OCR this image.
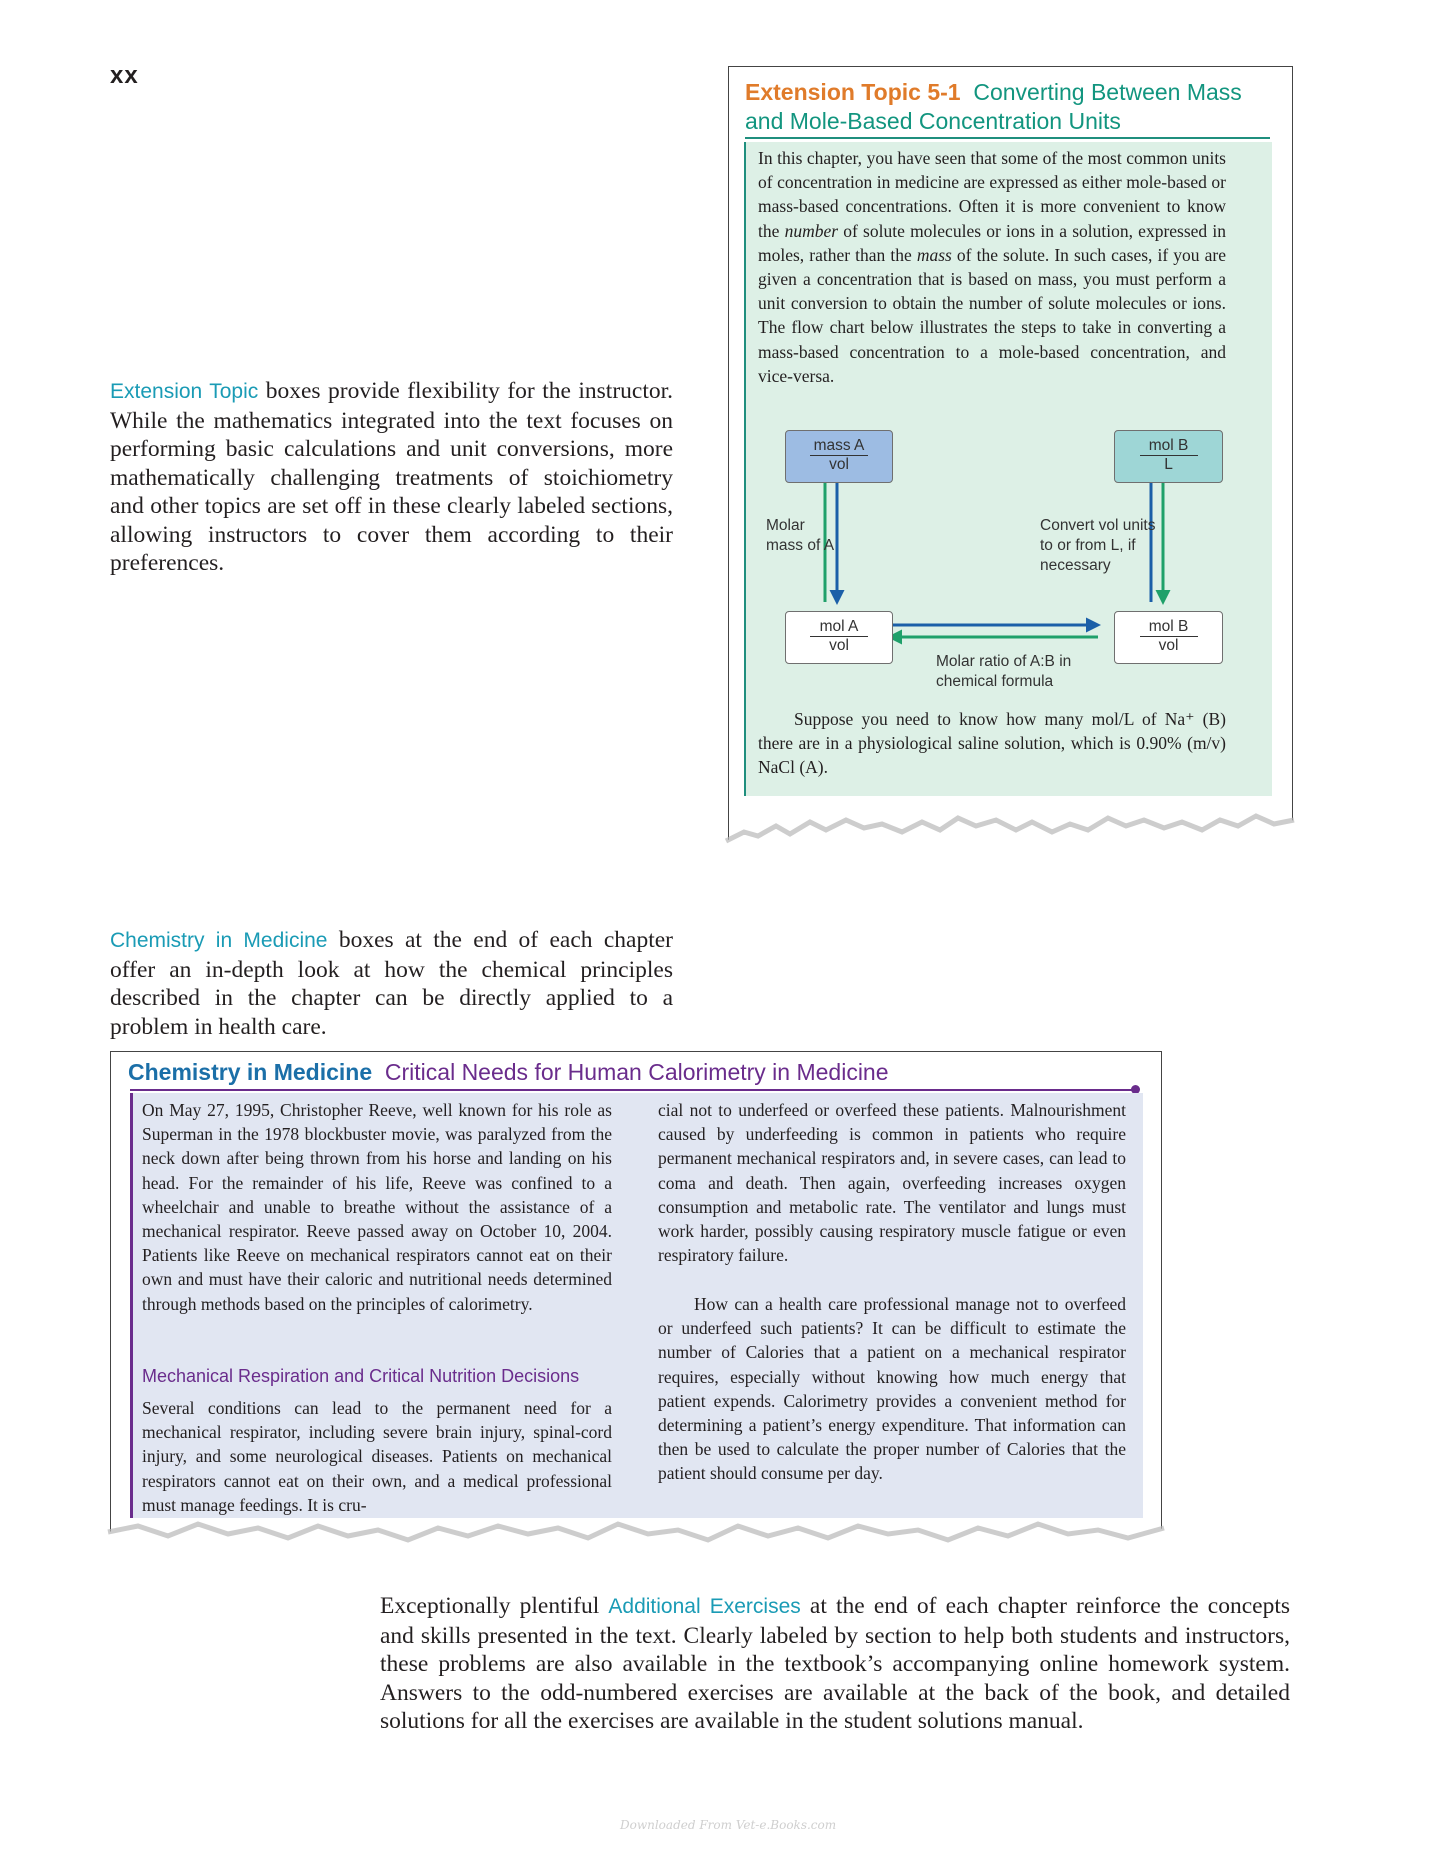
xx
Extension Topic boxes provide flexibility for the instructor. While the mathematics integrated into the text focuses on performing basic calculations and unit conversions, more mathematically challenging treatments of stoichiometry and other topics are set off in these clearly labeled sections, allowing instructors to cover them according to their preferences.
Extension Topic 5-1 Converting Between Mass and Mole-Based Concentration Units
In this chapter, you have seen that some of the most common units of concentration in medicine are expressed as either mole-based or mass-based concentrations. Often it is more convenient to know the number of solute molecules or ions in a solution, expressed in moles, rather than the mass of the solute. In such cases, if you are given a concentration that is based on mass, you must perform a unit conversion to obtain the number of solute molecules or ions. The flow chart below illustrates the steps to take in converting a mass-based concentration to a mole-based concentration, and vice-versa.
mass A
vol
mol B
L
mol A
vol
mol B
vol
Molar mass of A
Convert vol units to or from L, if necessary
Molar ratio of A:B in chemical formula
Suppose you need to know how many mol/L of Na⁺ (B) there are in a physiological saline solution, which is 0.90% (m/v) NaCl (A).
Chemistry in Medicine boxes at the end of each chapter offer an in-depth look at how the chemical principles described in the chapter can be directly applied to a problem in health care.
Chemistry in Medicine Critical Needs for Human Calorimetry in Medicine
On May 27, 1995, Christopher Reeve, well known for his role as Superman in the 1978 blockbuster movie, was paralyzed from the neck down after being thrown from his horse and landing on his head. For the remainder of his life, Reeve was confined to a wheelchair and unable to breathe without the assistance of a mechanical respirator. Reeve passed away on October 10, 2004. Patients like Reeve on mechanical respirators cannot eat on their own and must have their caloric and nutritional needs determined through methods based on the principles of calorimetry.
Mechanical Respiration and Critical Nutrition Decisions
Several conditions can lead to the permanent need for a mechanical respirator, including severe brain injury, spinal-cord injury, and some neurological diseases. Patients on mechanical respirators cannot eat on their own, and a medical professional must manage feedings. It is cru-
cial not to underfeed or overfeed these patients. Malnourishment caused by underfeeding is common in patients who require permanent mechanical respirators and, in severe cases, can lead to coma and death. Then again, overfeeding increases oxygen consumption and metabolic rate. The ventilator and lungs must work harder, possibly causing respiratory muscle fatigue or even respiratory failure.
How can a health care professional manage not to overfeed or underfeed such patients? It can be difficult to estimate the number of Calories that a patient on a mechanical respirator requires, especially without knowing how much energy that patient expends. Calorimetry provides a convenient method for determining a patient’s energy expenditure. That information can then be used to calculate the proper number of Calories that the patient should consume per day.
Exceptionally plentiful Additional Exercises at the end of each chapter reinforce the concepts and skills presented in the text. Clearly labeled by section to help both students and instructors, these problems are also available in the textbook’s accompanying online homework system. Answers to the odd-numbered exercises are available at the back of the book, and detailed solutions for all the exercises are available in the student solutions manual.
Downloaded From Vet-e.Books.com
